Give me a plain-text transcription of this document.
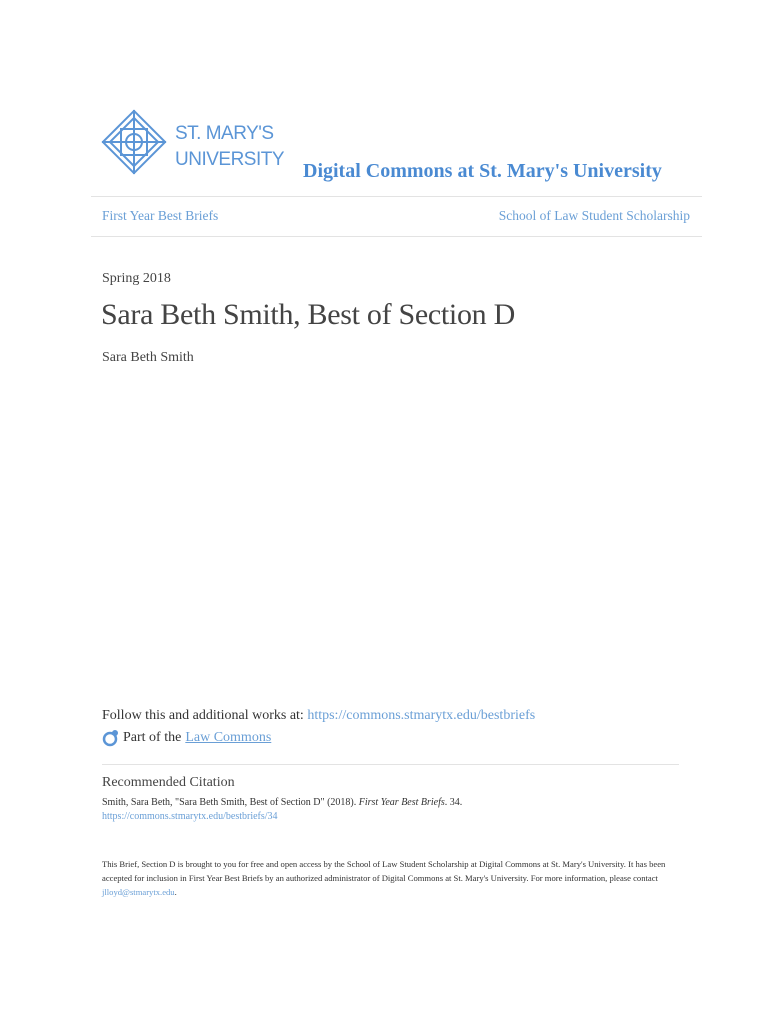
ST. MARY'S
UNIVERSITY
Digital Commons at St. Mary's University
First Year Best Briefs	School of Law Student Scholarship
Spring 2018
Sara Beth Smith, Best of Section D
Sara Beth Smith
Follow this and additional works at: https://commons.stmarytx.edu/bestbriefs
Part of the Law Commons
Recommended Citation
Smith, Sara Beth, "Sara Beth Smith, Best of Section D" (2018). First Year Best Briefs. 34.
https://commons.stmarytx.edu/bestbriefs/34
This Brief, Section D is brought to you for free and open access by the School of Law Student Scholarship at Digital Commons at St. Mary's University. It has been accepted for inclusion in First Year Best Briefs by an authorized administrator of Digital Commons at St. Mary's University. For more information, please contact jlloyd@stmarytx.edu.
